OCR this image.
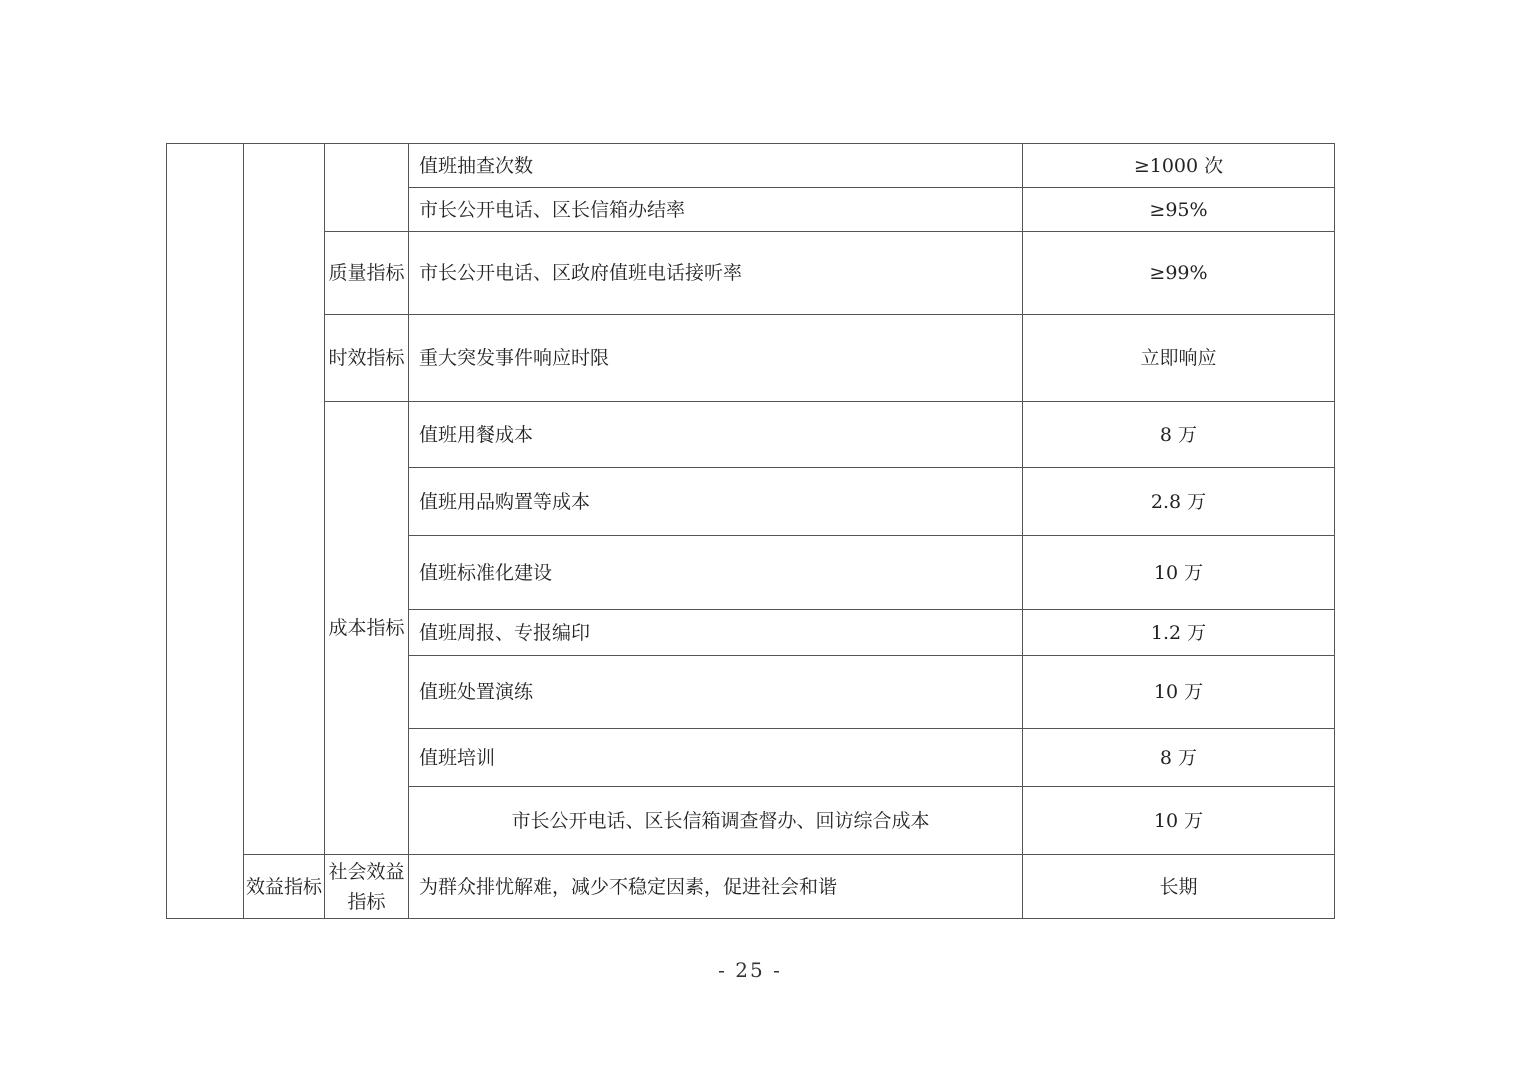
			值班抽查次数	≥1000 次
			市长公开电话、区长信箱办结率	≥95%
		质量指标	市长公开电话、区政府值班电话接听率	≥99%
		时效指标	重大突发事件响应时限	立即响应
		成本指标	值班用餐成本	8 万
			值班用品购置等成本	2.8 万
			值班标准化建设	10 万
			值班周报、专报编印	1.2 万
			值班处置演练	10 万
			值班培训	8 万
			市长公开电话、区长信箱调查督办、回访综合成本	10 万
	效益指标	社会效益指标	为群众排忧解难，减少不稳定因素，促进社会和谐	长期
- 25 -
